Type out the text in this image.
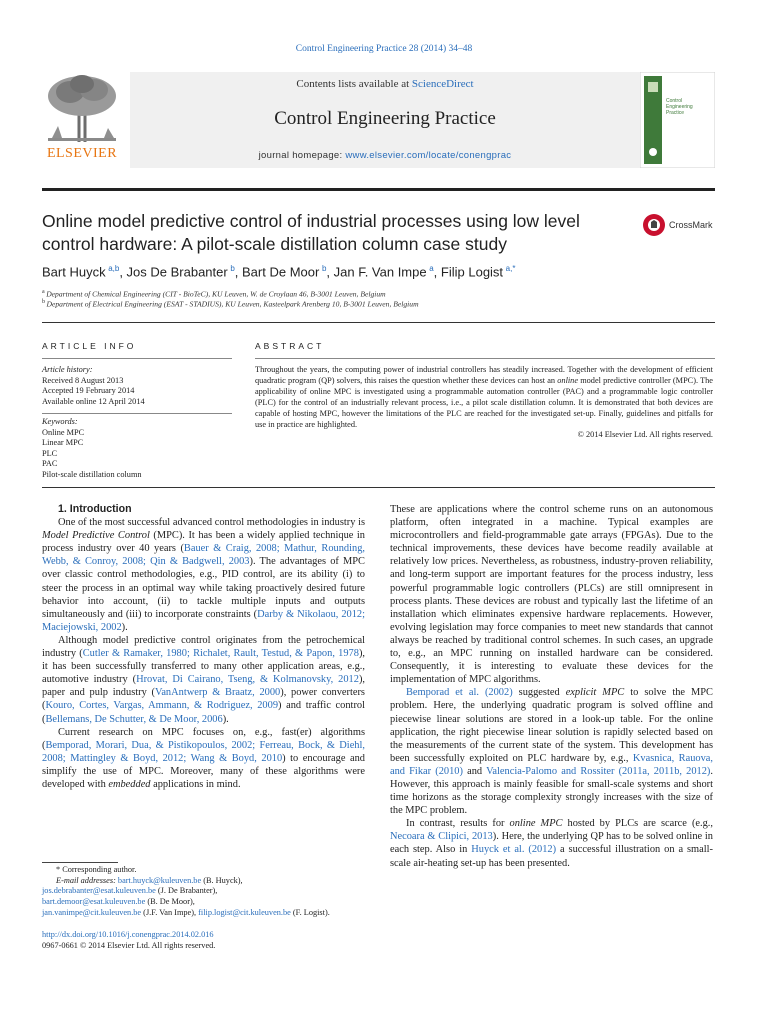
Control Engineering Practice 28 (2014) 34–48
ELSEVIER
Contents lists available at ScienceDirect
Control Engineering Practice
journal homepage: www.elsevier.com/locate/conengprac
Control
Engineering
Practice
Online model predictive control of industrial processes using low level control hardware: A pilot-scale distillation column case study
CrossMark
Bart Huyck  $^{a,b}$, Jos De Brabanter  $^b$, Bart De Moor  $^b$, Jan F. Van Impe  $^a$, Filip Logist  $^{a,*}$
$^a$  Department of Chemical Engineering (CIT - BioTeC), KU Leuven, W. de Croylaan 46, B-3001 Leuven, Belgium
$^b$  Department of Electrical Engineering (ESAT - STADIUS), KU Leuven, Kasteelpark Arenberg 10, B-3001 Leuven, Belgium
ARTICLE INFO	ABSTRACT
Article history:
Received 8 August 2013
Accepted 19 February 2014
Available online 12 April 2014
Keywords:
Online MPC
Linear MPC
PLC
PAC
Pilot-scale distillation column
Throughout the years, the computing power of industrial controllers has steadily increased. Together with the development of efficient quadratic program (QP) solvers, this raises the question whether these devices can host an online model predictive controller (MPC). The applicability of online MPC is investigated using a programmable automation controller (PAC) and a programmable logic controller (PLC) for the control of an industrially relevant process, i.e., a pilot scale distillation column. It is demonstrated that both devices are capable of hosting MPC, however the limitations of the PLC are reached for the investigated set-up. Finally, guidelines and pitfalls for use in practice are highlighted.
© 2014 Elsevier Ltd. All rights reserved.

1. Introduction

One of the most successful advanced control methodologies in industry is Model Predictive Control (MPC). It has been a widely applied technique in process industry over 40 years (Bauer & Craig, 2008; Mathur, Rounding, Webb, & Conroy, 2008; Qin & Badgwell, 2003). The advantages of MPC over classic control methodologies, e.g., PID control, are its ability (i) to steer the process in an optimal way while taking proactively desired future behavior into account, (ii) to tackle multiple inputs and outputs simultaneously and (iii) to incorporate constraints (Darby & Nikolaou, 2012; Maciejowski, 2002).

Although model predictive control originates from the petrochemical industry (Cutler & Ramaker, 1980; Richalet, Rault, Testud, & Papon, 1978), it has been successfully transferred to many other application areas, e.g., automotive industry (Hrovat, Di Cairano, Tseng, & Kolmanovsky, 2012), paper and pulp industry (VanAntwerp & Braatz, 2000), power converters (Kouro, Cortes, Vargas, Ammann, & Rodriguez, 2009) and traffic control (Bellemans, De Schutter, & De Moor, 2006).

Current research on MPC focuses on, e.g., fast(er) algorithms (Bemporad, Morari, Dua, & Pistikopoulos, 2002; Ferreau, Bock, & Diehl, 2008; Mattingley & Boyd, 2012; Wang & Boyd, 2010) to encourage and simplify the use of MPC. Moreover, many of these algorithms were developed with embedded applications in mind.

These are applications where the control scheme runs on an autonomous platform, often integrated in a machine. Typical examples are microcontrollers and field-programmable gate arrays (FPGAs). Due to the technical improvements, these devices have become readily available at relatively low prices. Nevertheless, as robustness, industry-proven reliability, and long-term support are important features for the process industry, less powerful programmable logic controllers (PLCs) are still omnipresent in process plants. These devices are robust and typically last the lifetime of an installation which eliminates expensive hardware replacements. However, evolving legislation may force companies to meet new standards that cannot always be reached by traditional control schemes. In such cases, an upgrade to, e.g., an MPC running on installed hardware can be considered. Consequently, it is interesting to evaluate these devices for the implementation of MPC algorithms.

Bemporad et al. (2002) suggested explicit MPC to solve the MPC problem. Here, the underlying quadratic program is solved offline and piecewise linear solutions are stored in a look-up table. For the online application, the right piecewise linear solution is rapidly selected based on the measurements of the current state of the system. This development has been successfully exploited on PLC hardware by, e.g., Kvasnica, Rauova, and Fikar (2010) and Valencia-Palomo and Rossiter (2011a, 2011b, 2012). However, this approach is mainly feasible for small-scale systems and short time horizons as the storage complexity strongly increases with the size of the MPC problem.

In contrast, results for online MPC hosted by PLCs are scarce (e.g., Necoara & Clipici, 2013). Here, the underlying QP has to be solved online in each step. Also in Huyck et al. (2012) a successful illustration on a small-scale air-heating set-up has been presented.

* Corresponding author.
E-mail addresses: bart.huyck@kuleuven.be (B. Huyck),
jos.debrabanter@esat.kuleuven.be (J. De Brabanter),
bart.demoor@esat.kuleuven.be (B. De Moor),
jan.vanimpe@cit.kuleuven.be (J.F. Van Impe), filip.logist@cit.kuleuven.be (F. Logist).
http://dx.doi.org/10.1016/j.conengprac.2014.02.016
0967-0661 © 2014 Elsevier Ltd. All rights reserved.
